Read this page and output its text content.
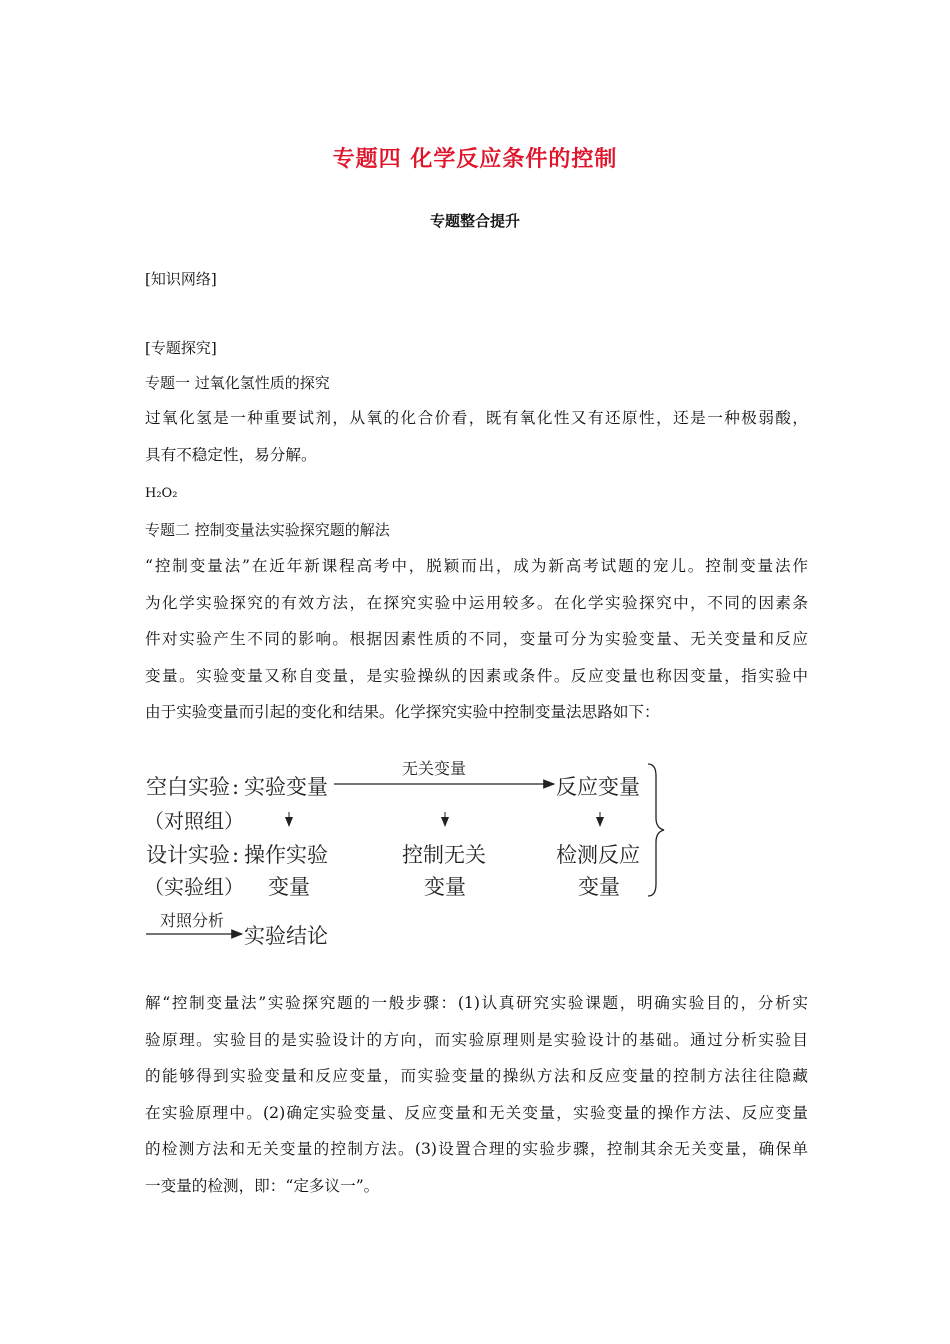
专题四 化学反应条件的控制
专题整合提升
[知识网络]
[专题探究]
专题一 过氧化氢性质的探究
过氧化氢是一种重要试剂，从氧的化合价看，既有氧化性又有还原性，还是一种极弱酸，
具有不稳定性，易分解。
H₂O₂
专题二 控制变量法实验探究题的解法
“控制变量法”在近年新课程高考中，脱颖而出，成为新高考试题的宠儿。控制变量法作
为化学实验探究的有效方法，在探究实验中运用较多。在化学实验探究中，不同的因素条
件对实验产生不同的影响。根据因素性质的不同，变量可分为实验变量、无关变量和反应
变量。实验变量又称自变量，是实验操纵的因素或条件。反应变量也称因变量，指实验中
由于实验变量而引起的变化和结果。化学探究实验中控制变量法思路如下：
空白实验 : 实验变量
无关变量
反应变量
（对照组）
设计实验 : 操作实验	控制无关	检测反应
（实验组） 变量	变量	变量
对照分析
实验结论
解“控制变量法”实验探究题的一般步骤：(1)认真研究实验课题，明确实验目的，分析实
验原理。实验目的是实验设计的方向，而实验原理则是实验设计的基础。通过分析实验目
的能够得到实验变量和反应变量，而实验变量的操纵方法和反应变量的控制方法往往隐藏
在实验原理中。(2)确定实验变量、反应变量和无关变量，实验变量的操作方法、反应变量
的检测方法和无关变量的控制方法。(3)设置合理的实验步骤，控制其余无关变量，确保单
一变量的检测，即：“定多议一”。
